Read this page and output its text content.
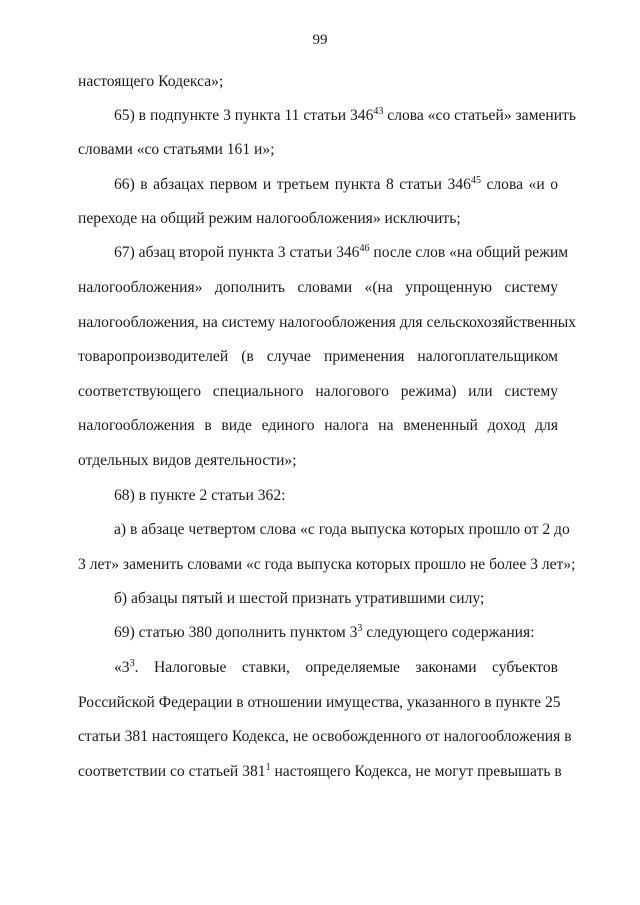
99
настоящего Кодекса»;
65) в подпункте 3 пункта 11 статьи $346^{43}$ слова «со статьей» заменить
словами «со статьями 161 и»;
66) в абзацах первом и третьем пункта 8 статьи $346^{45}$ слова «и о
переходе на общий режим налогообложения» исключить;
67) абзац второй пункта 3 статьи $346^{46}$ после слов «на общий режим
налогообложения» дополнить словами «(на упрощенную систему
налогообложения, на систему налогообложения для сельскохозяйственных
товаропроизводителей (в случае применения налогоплательщиком
соответствующего специального налогового режима) или систему
налогообложения в виде единого налога на вмененный доход для
отдельных видов деятельности»;
68) в пункте 2 статьи 362:
а) в абзаце четвертом слова «с года выпуска которых прошло от 2 до
3 лет» заменить словами «с года выпуска которых прошло не более 3 лет»;
б) абзацы пятый и шестой признать утратившими силу;
69) статью 380 дополнить пунктом $3^3$ следующего содержания:
«$3^3$. Налоговые ставки, определяемые законами субъектов
Российской Федерации в отношении имущества, указанного в пункте 25
статьи 381 настоящего Кодекса, не освобожденного от налогообложения в
соответствии со статьей $381^1$ настоящего Кодекса, не могут превышать в
